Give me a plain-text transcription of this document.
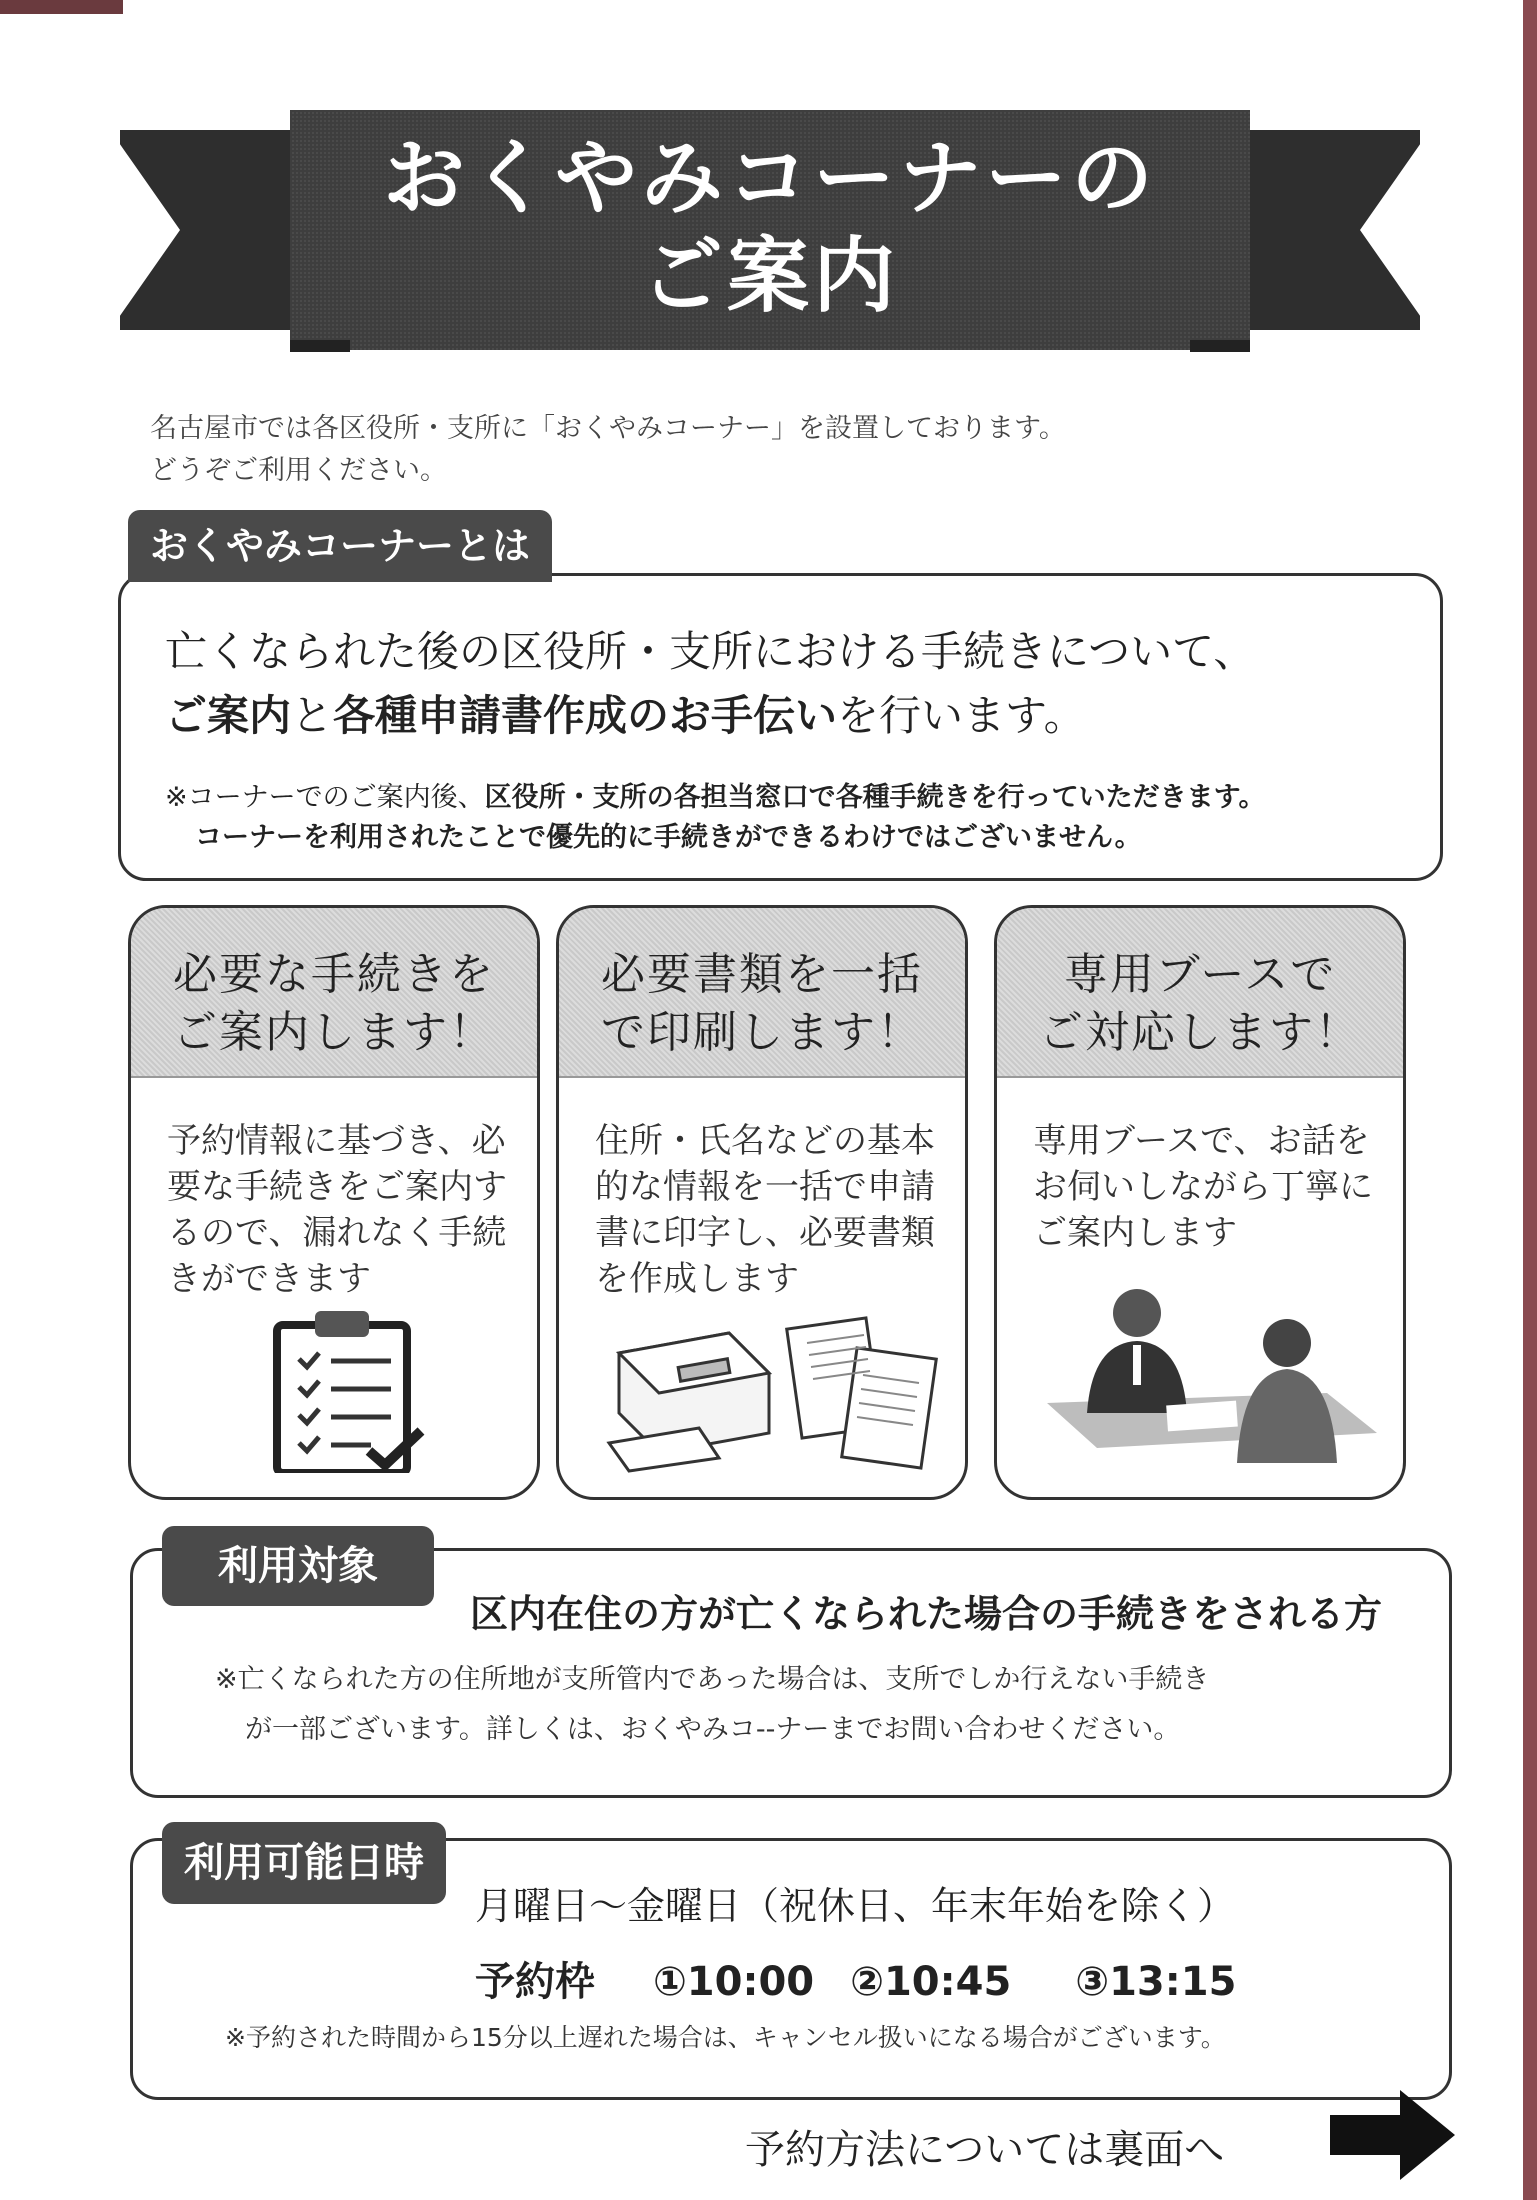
おくやみコーナーの
ご案内
名古屋市では各区役所・支所に「おくやみコーナー」を設置しております。
どうぞご利用ください。
おくやみコーナーとは
亡くなられた後の区役所・支所における手続きについて、
ご案内と各種申請書作成のお手伝いを行います。
※コーナーでのご案内後、区役所・支所の各担当窓口で各種手続きを行っていただきます。
コーナーを利用されたことで優先的に手続きができるわけではございません。
必要な手続きを
ご案内します！
予約情報に基づき、必要な手続きをご案内するので、漏れなく手続きができます
必要書類を一括
で印刷します！
住所・氏名などの基本的な情報を一括で申請書に印字し、必要書類を作成します
専用ブースで
ご対応します！
専用ブースで、お話をお伺いしながら丁寧にご案内します
利用対象
区内在住の方が亡くなられた場合の手続きをされる方
※亡くなられた方の住所地が支所管内であった場合は、支所でしか行えない手続き
が一部ございます。詳しくは、おくやみコ--ナーまでお問い合わせください。
利用可能日時
月曜日～金曜日（祝休日、年末年始を除く）
予約枠 ①10:00 ②10:45 ③13:15
※予約された時間から15分以上遅れた場合は、キャンセル扱いになる場合がございます。
予約方法については裏面へ
